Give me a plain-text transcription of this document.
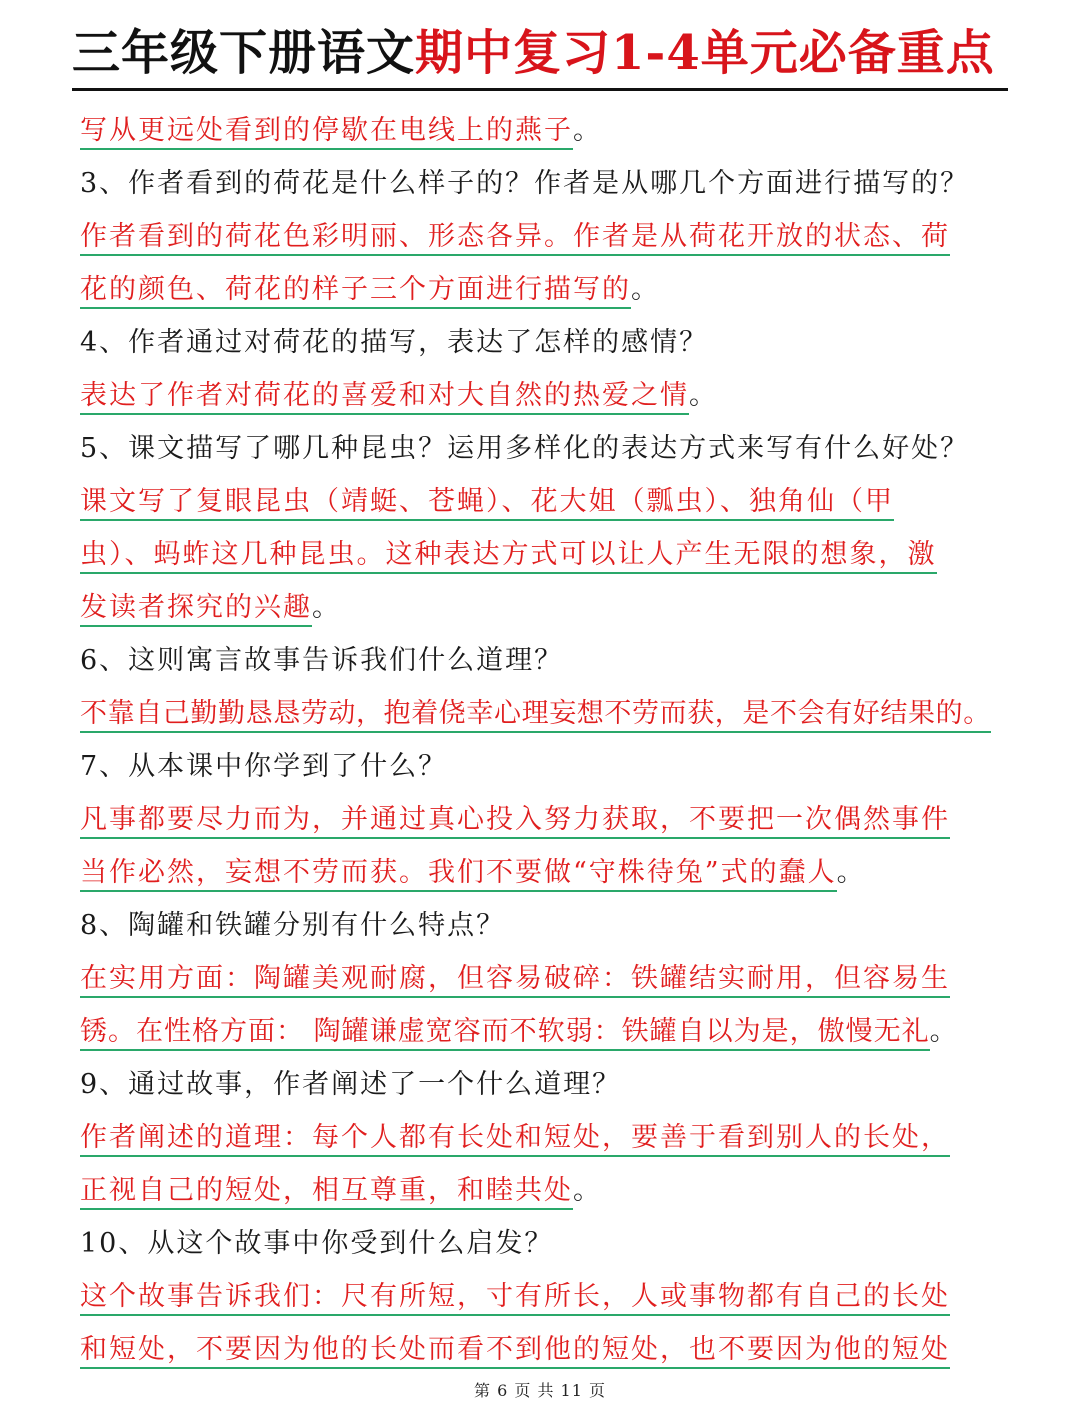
三年级下册语文期中复习1-4单元必备重点
写从更远处看到的停歇在电线上的燕子。
3、作者看到的荷花是什么样子的？作者是从哪几个方面进行描写的？
作者看到的荷花色彩明丽、形态各异。作者是从荷花开放的状态、荷
花的颜色、荷花的样子三个方面进行描写的。
4、作者通过对荷花的描写，表达了怎样的感情？
表达了作者对荷花的喜爱和对大自然的热爱之情。
5、课文描写了哪几种昆虫？运用多样化的表达方式来写有什么好处？
课文写了复眼昆虫（靖蜓、苍蝇）、花大姐（瓢虫）、独角仙（甲
虫）、蚂蚱这几种昆虫。这种表达方式可以让人产生无限的想象，激
发读者探究的兴趣。
6、这则寓言故事告诉我们什么道理？
不靠自己勤勤恳恳劳动，抱着侥幸心理妄想不劳而获，是不会有好结果的。
7、从本课中你学到了什么？
凡事都要尽力而为，并通过真心投入努力获取，不要把一次偶然事件
当作必然，妄想不劳而获。我们不要做“守株待兔”式的蠢人。
8、陶罐和铁罐分别有什么特点？
在实用方面：陶罐美观耐腐，但容易破碎：铁罐结实耐用，但容易生
锈。在性格方面： 陶罐谦虚宽容而不软弱：铁罐自以为是，傲慢无礼。
9、通过故事，作者阐述了一个什么道理？
作者阐述的道理：每个人都有长处和短处，要善于看到别人的长处，
正视自己的短处，相互尊重，和睦共处。
10、从这个故事中你受到什么启发？
这个故事告诉我们：尺有所短，寸有所长，人或事物都有自己的长处
和短处，不要因为他的长处而看不到他的短处，也不要因为他的短处
第 6 页 共 11 页
